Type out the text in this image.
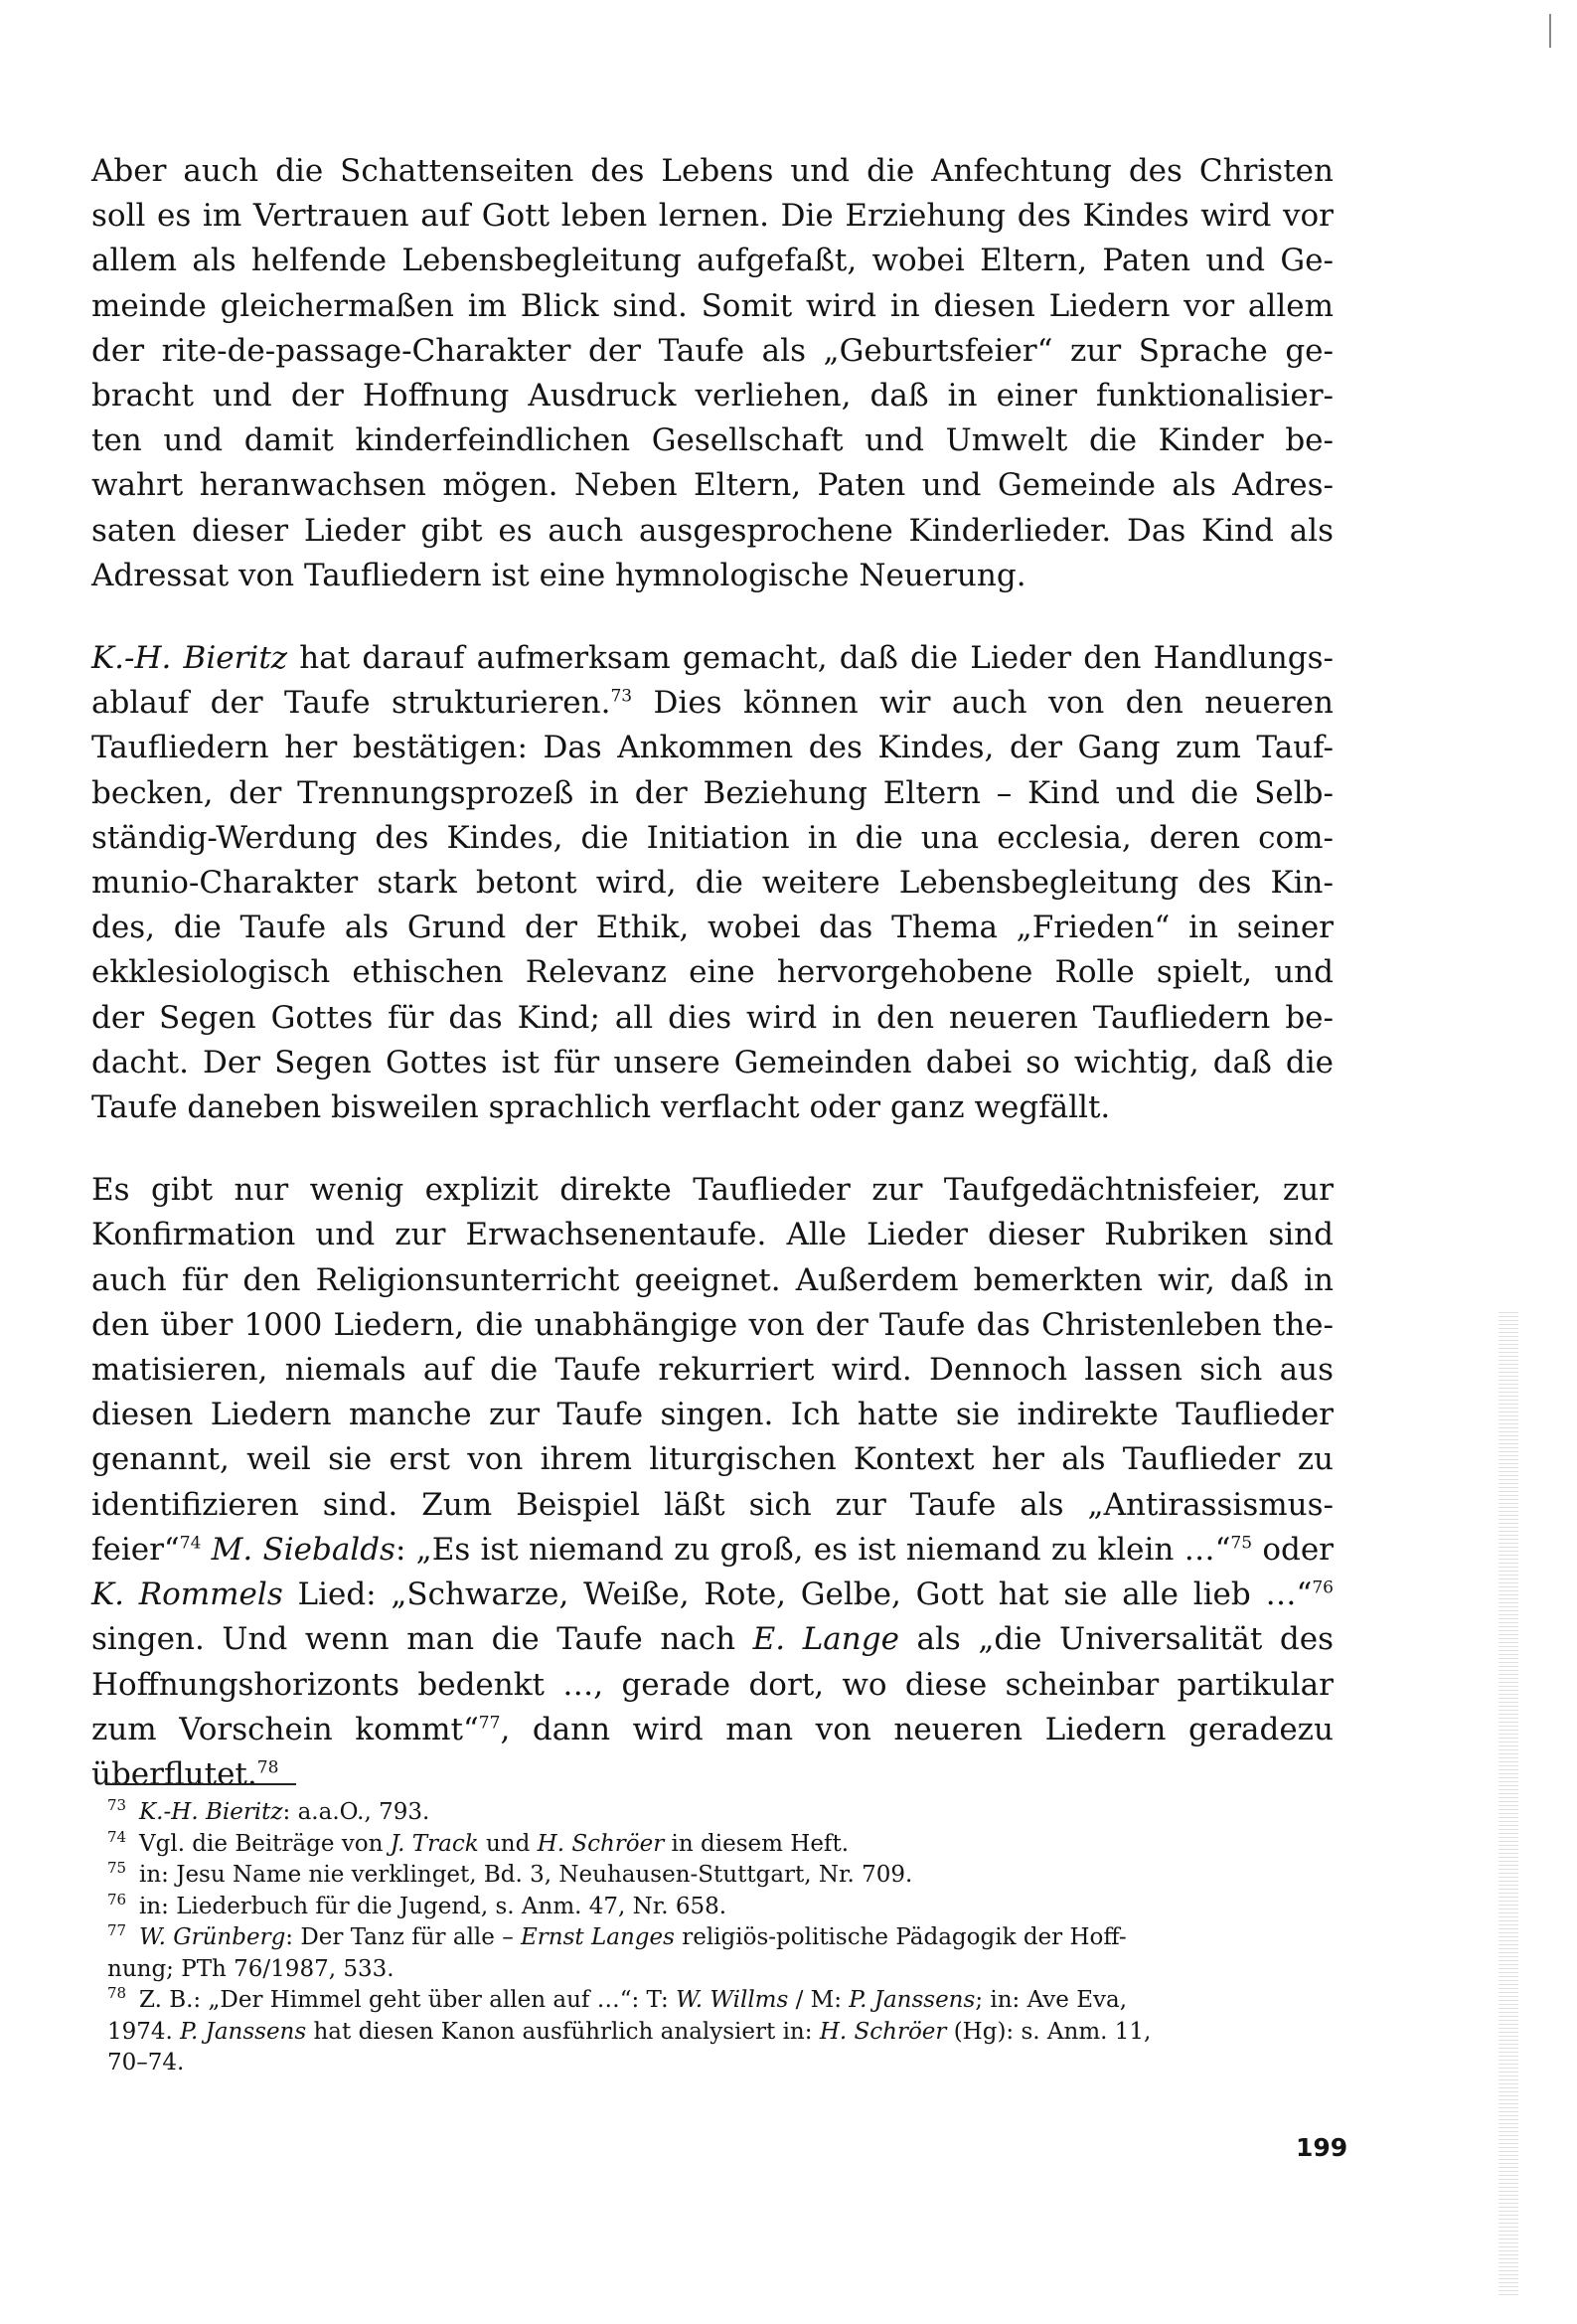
Aber auch die Schattenseiten des Lebens und die Anfechtung des Christen
soll es im Vertrauen auf Gott leben lernen. Die Erziehung des Kindes wird vor
allem als helfende Lebensbegleitung aufgefaßt, wobei Eltern, Paten und Ge-
meinde gleichermaßen im Blick sind. Somit wird in diesen Liedern vor allem
der rite-de-passage-Charakter der Taufe als „Geburtsfeier“ zur Sprache ge-
bracht und der Hoffnung Ausdruck verliehen, daß in einer funktionalisier-
ten und damit kinderfeindlichen Gesellschaft und Umwelt die Kinder be-
wahrt heranwachsen mögen. Neben Eltern, Paten und Gemeinde als Adres-
saten dieser Lieder gibt es auch ausgesprochene Kinderlieder. Das Kind als
Adressat von Tauﬂiedern ist eine hymnologische Neuerung.

K.-H. Bieritz hat darauf aufmerksam gemacht, daß die Lieder den Handlungs-
ablauf der Taufe strukturieren.$^{73}$ Dies können wir auch von den neueren
Tauﬂiedern her bestätigen: Das Ankommen des Kindes, der Gang zum Tauf-
becken, der Trennungsprozeß in der Beziehung Eltern – Kind und die Selb-
ständig-Werdung des Kindes, die Initiation in die una ecclesia, deren com-
munio-Charakter stark betont wird, die weitere Lebensbegleitung des Kin-
des, die Taufe als Grund der Ethik, wobei das Thema „Frieden“ in seiner
ekklesiologisch ethischen Relevanz eine hervorgehobene Rolle spielt, und
der Segen Gottes für das Kind; all dies wird in den neueren Tauﬂiedern be-
dacht. Der Segen Gottes ist für unsere Gemeinden dabei so wichtig, daß die
Taufe daneben bisweilen sprachlich verﬂacht oder ganz wegfällt.

Es gibt nur wenig explizit direkte Tauﬂieder zur Taufgedächtnisfeier, zur
Konﬁrmation und zur Erwachsenentaufe. Alle Lieder dieser Rubriken sind
auch für den Religionsunterricht geeignet. Außerdem bemerkten wir, daß in
den über 1000 Liedern, die unabhängige von der Taufe das Christenleben the-
matisieren, niemals auf die Taufe rekurriert wird. Dennoch lassen sich aus
diesen Liedern manche zur Taufe singen. Ich hatte sie indirekte Tauﬂieder
genannt, weil sie erst von ihrem liturgischen Kontext her als Tauﬂieder zu
identiﬁzieren sind. Zum Beispiel läßt sich zur Taufe als „Antirassismus-
feier“$^{74}$ M. Siebalds: „Es ist niemand zu groß, es ist niemand zu klein …“$^{75}$ oder
K. Rommels Lied: „Schwarze, Weiße, Rote, Gelbe, Gott hat sie alle lieb …“$^{76}$
singen. Und wenn man die Taufe nach E. Lange als „die Universalität des
Hoffnungshorizonts bedenkt …, gerade dort, wo diese scheinbar partikular
zum Vorschein kommt“$^{77}$, dann wird man von neueren Liedern geradezu
überﬂutet.$^{78}$

73 K.-H. Bieritz: a.a.O., 793.
74 Vgl. die Beiträge von J. Track und H. Schröer in diesem Heft.
75 in: Jesu Name nie verklinget, Bd. 3, Neuhausen-Stuttgart, Nr. 709.
76 in: Liederbuch für die Jugend, s. Anm. 47, Nr. 658.
77 W. Grünberg: Der Tanz für alle – Ernst Langes religiös-politische Pädagogik der Hoff-
nung; PTh 76/1987, 533.
78 Z. B.: „Der Himmel geht über allen auf …“: T: W. Willms / M: P. Janssens; in: Ave Eva,
1974. P. Janssens hat diesen Kanon ausführlich analysiert in: H. Schröer (Hg): s. Anm. 11,
70–74.
199
